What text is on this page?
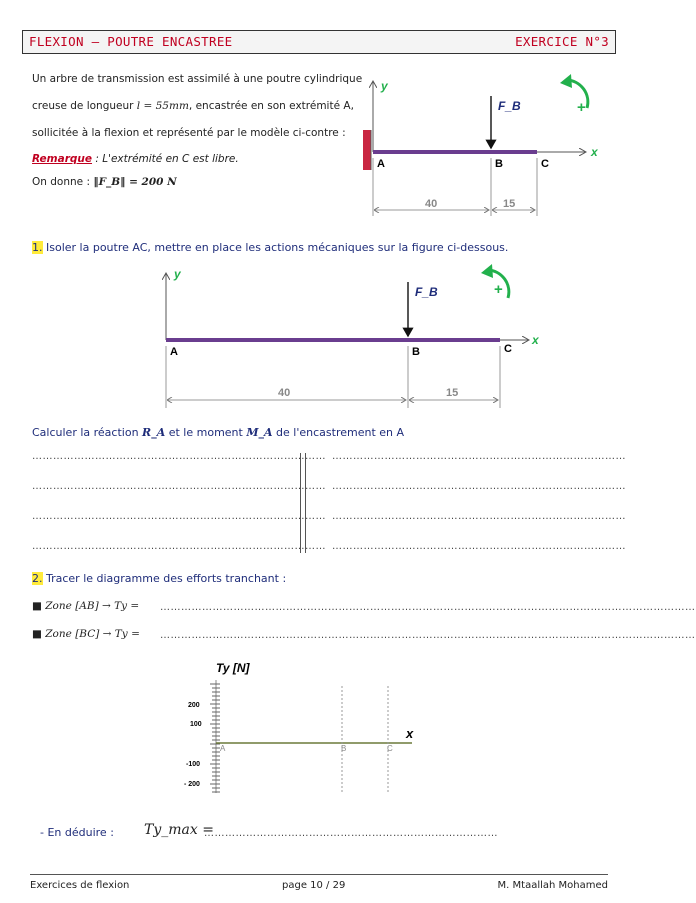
FLEXION – POUTRE ENCASTREE	EXERCICE N°3
Un arbre de transmission est assimilé à une poutre cylindrique
creuse de longueur l = 55mm, encastrée en son extrémité A,
sollicitée à la flexion et représenté par le modèle ci-contre :
Remarque : L'extrémité en C est libre.
On donne : ‖F_B‖ = 200 N
y
x
F_B	+
A	B	C
40	15
1. Isoler la poutre AC, mettre en place les actions mécaniques sur la figure ci-dessous.
y
x
F_B	+
A	B	C
40	15
Calculer la réaction R_A et le moment M_A de l'encastrement en A
…………………………………………………………………………
…………………………………………………………………………
…………………………………………………………………………
…………………………………………………………………………
…………………………………………………………………………
…………………………………………………………………………
…………………………………………………………………………
…………………………………………………………………………
2. Tracer le diagramme des efforts tranchant :
■ Zone [AB] → Ty = ………………………………………………………………………………………………………………………………………
■ Zone [BC] → Ty = ………………………………………………………………………………………………………………………………………
Ty [N]
x
A	B	C
200
100
-100
- 200
- En déduire : Ty_max =
…………………………………………………………………………
Exercices de flexion	page 10 / 29	M. Mtaallah Mohamed
